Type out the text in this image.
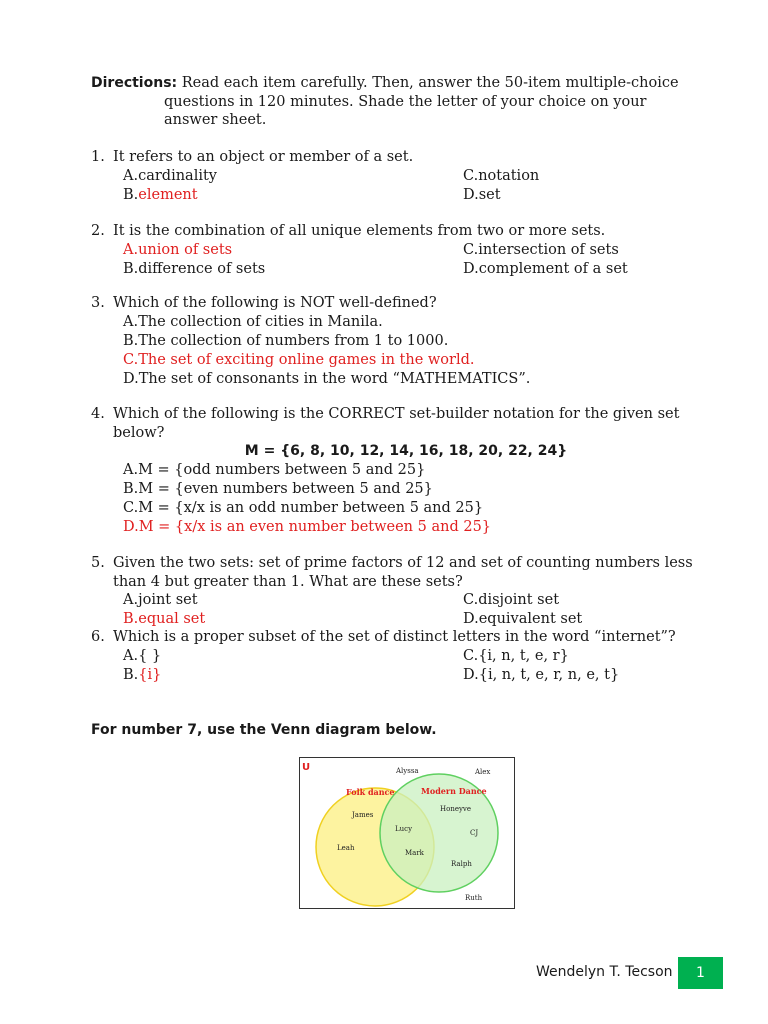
Directions: Read each item carefully. Then, answer the 50-item multiple-choice
questions in 120 minutes. Shade the letter of your choice on your
answer sheet.
1. It refers to an object or member of a set.
A.cardinality
B.element
C.notation
D.set
2. It is the combination of all unique elements from two or more sets.
A.union of sets
B.difference of sets
C.intersection of sets
D.complement of a set
3. Which of the following is NOT well-defined?
A.The collection of cities in Manila.
B.The collection of numbers from 1 to 1000.
C.The set of exciting online games in the world.
D.The set of consonants in the word “MATHEMATICS”.
4. Which of the following is the CORRECT set-builder notation for the given set
below?
M = {6, 8, 10, 12, 14, 16, 18, 20, 22, 24}
A.M = {odd numbers between 5 and 25}
B.M = {even numbers between 5 and 25}
C.M = {x/x is an odd number between 5 and 25}
D.M = {x/x is an even number between 5 and 25}
5. Given the two sets: set of prime factors of 12 and set of counting numbers less
than 4 but greater than 1. What are these sets?
A.joint set
B.equal set
C.disjoint set
D.equivalent set
6. Which is a proper subset of the set of distinct letters in the word “internet”?
A.{ }
B.{i}
C.{i, n, t, e, r}
D.{i, n, t, e, r, n, e, t}
For number 7, use the Venn diagram below.
U
Folk dance	Modern Dance
Alyssa	Alex
James
Lucy
Mark
Leah
Honeyve
CJ
Ralph
Ruth
Wendelyn T. Tecson 1
